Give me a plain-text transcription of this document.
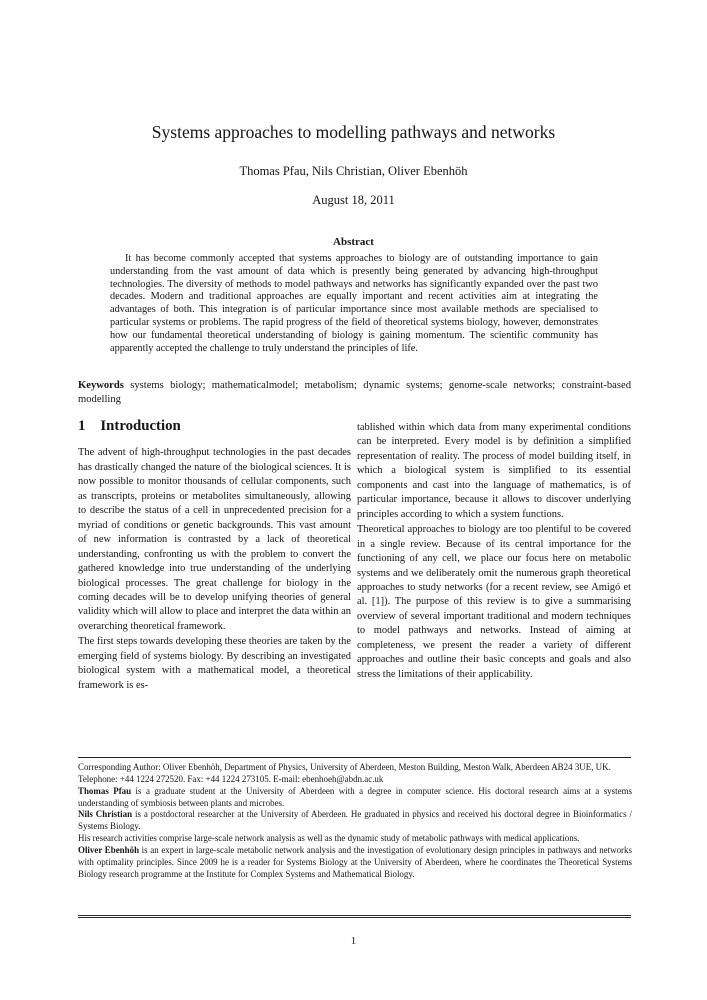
Systems approaches to modelling pathways and networks
Thomas Pfau, Nils Christian, Oliver Ebenhöh
August 18, 2011
Abstract
It has become commonly accepted that systems approaches to biology are of outstanding importance to gain understanding from the vast amount of data which is presently being generated by advancing high-throughput technologies. The diversity of methods to model pathways and networks has significantly expanded over the past two decades. Modern and traditional approaches are equally important and recent activities aim at integrating the advantages of both. This integration is of particular importance since most available methods are specialised to particular systems or problems. The rapid progress of the field of theoretical systems biology, however, demonstrates how our fundamental theoretical understanding of biology is gaining momentum. The scientific community has apparently accepted the challenge to truly understand the principles of life.
Keywords systems biology; mathematicalmodel; metabolism; dynamic systems; genome-scale networks; constraint-based modelling
1 Introduction

The advent of high-throughput technologies in the past decades has drastically changed the nature of the biological sciences. It is now possible to monitor thousands of cellular components, such as transcripts, proteins or metabolites simultaneously, allowing to describe the status of a cell in unprecedented precision for a myriad of conditions or genetic backgrounds. This vast amount of new information is contrasted by a lack of theoretical understanding, confronting us with the problem to convert the gathered knowledge into true understanding of the underlying biological processes. The great challenge for biology in the coming decades will be to develop unifying theories of general validity which will allow to place and interpret the data within an overarching theoretical framework.

The first steps towards developing these theories are taken by the emerging field of systems biology. By describing an investigated biological system with a mathematical model, a theoretical framework is es-

tablished within which data from many experimental conditions can be interpreted. Every model is by definition a simplified representation of reality. The process of model building itself, in which a biological system is simplified to its essential components and cast into the language of mathematics, is of particular importance, because it allows to discover underlying principles according to which a system functions.

Theoretical approaches to biology are too plentiful to be covered in a single review. Because of its central importance for the functioning of any cell, we place our focus here on metabolic systems and we deliberately omit the numerous graph theoretical approaches to study networks (for a recent review, see Amigó et al. [1]). The purpose of this review is to give a summarising overview of several important traditional and modern techniques to model pathways and networks. Instead of aiming at completeness, we present the reader a variety of different approaches and outline their basic concepts and goals and also stress the limitations of their applicability.

Corresponding Author: Oliver Ebenhöh, Department of Physics, University of Aberdeen, Meston Building, Meston Walk, Aberdeen AB24 3UE, UK.

Telephone: +44 1224 272520. Fax: +44 1224 273105. E-mail: ebenhoeh@abdn.ac.uk

Thomas Pfau is a graduate student at the University of Aberdeen with a degree in computer science. His doctoral research aims at a systems understanding of symbiosis between plants and microbes.

Nils Christian is a postdoctoral researcher at the University of Aberdeen. He graduated in physics and received his doctoral degree in Bioinformatics / Systems Biology.

His research activities comprise large-scale network analysis as well as the dynamic study of metabolic pathways with medical applications.

Oliver Ebenhöh is an expert in large-scale metabolic network analysis and the investigation of evolutionary design principles in pathways and networks with optimality principles. Since 2009 he is a reader for Systems Biology at the University of Aberdeen, where he coordinates the Theoretical Systems Biology research programme at the Institute for Complex Systems and Mathematical Biology.

1
